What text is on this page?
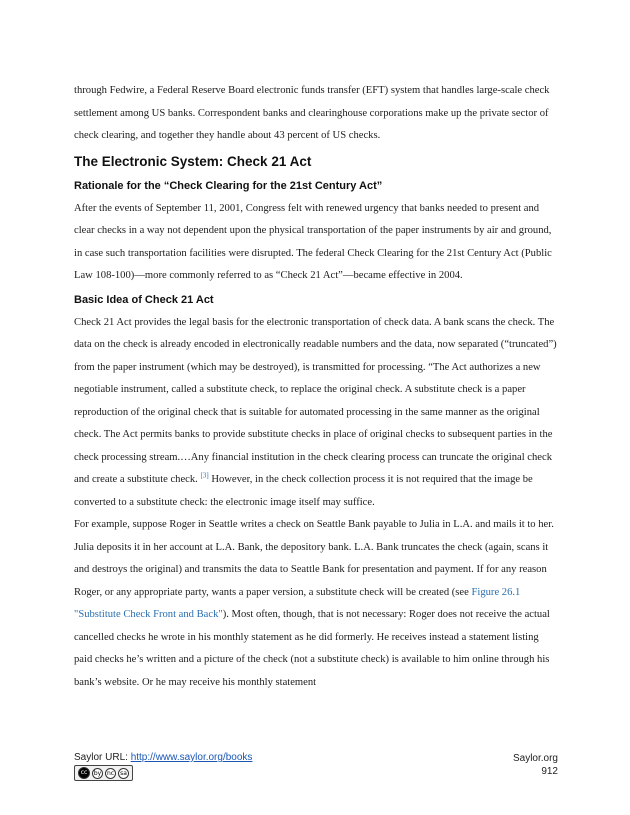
through Fedwire, a Federal Reserve Board electronic funds transfer (EFT) system that handles large-scale check settlement among US banks. Correspondent banks and clearinghouse corporations make up the private sector of check clearing, and together they handle about 43 percent of US checks.

The Electronic System: Check 21 Act
Rationale for the “Check Clearing for the 21st Century Act”

After the events of September 11, 2001, Congress felt with renewed urgency that banks needed to present and clear checks in a way not dependent upon the physical transportation of the paper instruments by air and ground, in case such transportation facilities were disrupted. The federal Check Clearing for the 21st Century Act (Public Law 108-100)—more commonly referred to as “Check 21 Act”—became effective in 2004.

Basic Idea of Check 21 Act

Check 21 Act provides the legal basis for the electronic transportation of check data. A bank scans the check. The data on the check is already encoded in electronically readable numbers and the data, now separated (“truncated”) from the paper instrument (which may be destroyed), is transmitted for processing. “The Act authorizes a new negotiable instrument, called a substitute check, to replace the original check. A substitute check is a paper reproduction of the original check that is suitable for automated processing in the same manner as the original check. The Act permits banks to provide substitute checks in place of original checks to subsequent parties in the check processing stream.…Any financial institution in the check clearing process can truncate the original check and create a substitute check. [3] However, in the check collection process it is not required that the image be converted to a substitute check: the electronic image itself may suffice.

For example, suppose Roger in Seattle writes a check on Seattle Bank payable to Julia in L.A. and mails it to her. Julia deposits it in her account at L.A. Bank, the depository bank. L.A. Bank truncates the check (again, scans it and destroys the original) and transmits the data to Seattle Bank for presentation and payment. If for any reason Roger, or any appropriate party, wants a paper version, a substitute check will be created (see Figure 26.1 "Substitute Check Front and Back"). Most often, though, that is not necessary: Roger does not receive the actual cancelled checks he wrote in his monthly statement as he did formerly. He receives instead a statement listing paid checks he’s written and a picture of the check (not a substitute check) is available to him online through his bank’s website. Or he may receive his monthly statement

Saylor URL: http://www.saylor.org/books
cc	by nc	sa
Saylor.org
912
